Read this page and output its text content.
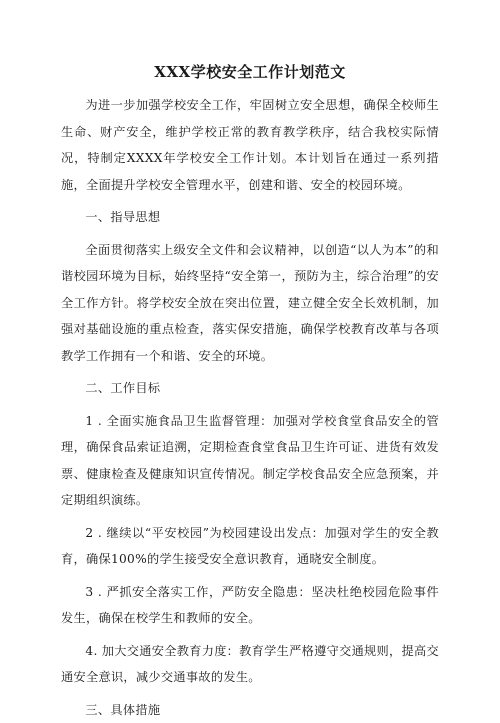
XXX学校安全工作计划范文

为进一步加强学校安全工作，牢固树立安全思想，确保全校师生生命、财产安全，维护学校正常的教育教学秩序，结合我校实际情况，特制定XXXX年学校安全工作计划。本计划旨在通过一系列措施，全面提升学校安全管理水平，创建和谐、安全的校园环境。

一、指导思想

全面贯彻落实上级安全文件和会议精神，以创造“以人为本”的和谐校园环境为目标，始终坚持“安全第一，预防为主，综合治理”的安全工作方针。将学校安全放在突出位置，建立健全安全长效机制，加强对基础设施的重点检查，落实保安措施，确保学校教育改革与各项教学工作拥有一个和谐、安全的环境。

二、工作目标

1 . 全面实施食品卫生监督管理：加强对学校食堂食品安全的管理，确保食品索证追溯，定期检查食堂食品卫生许可证、进货有效发票、健康检查及健康知识宣传情况。制定学校食品安全应急预案，并定期组织演练。

2 . 继续以“平安校园”为校园建设出发点：加强对学生的安全教育，确保100%的学生接受安全意识教育，通晓安全制度。

3 . 严抓安全落实工作，严防安全隐患：坚决杜绝校园危险事件发生，确保在校学生和教师的安全。

4. 加大交通安全教育力度：教育学生严格遵守交通规则，提高交通安全意识，减少交通事故的发生。

三、具体措施
